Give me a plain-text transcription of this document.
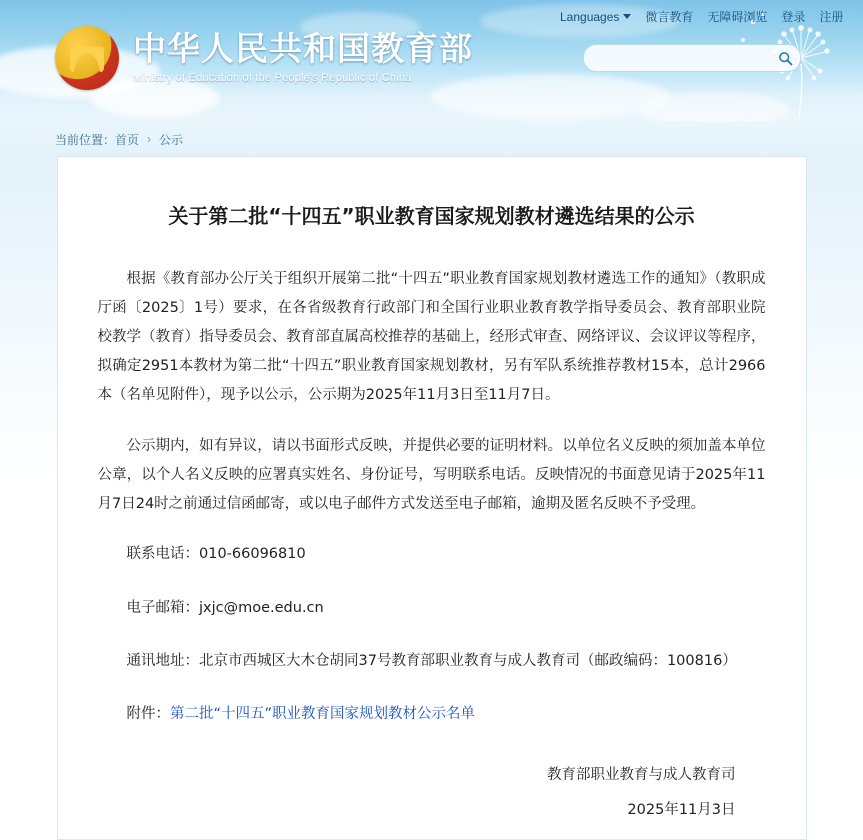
Languages 微言教育 无障碍浏览 登录 注册
中华人民共和国教育部
Ministry of Education of the People's Republic of China
当前位置： 首页 › 公示
关于第二批“十四五”职业教育国家规划教材遴选结果的公示

根据《教育部办公厅关于组织开展第二批“十四五”职业教育国家规划教材遴选工作的通知》（教职成厅函〔2025〕1号）要求，在各省级教育行政部门和全国行业职业教育教学指导委员会、教育部职业院校教学（教育）指导委员会、教育部直属高校推荐的基础上，经形式审查、网络评议、会议评议等程序，拟确定2951本教材为第二批“十四五”职业教育国家规划教材，另有军队系统推荐教材15本，总计2966本（名单见附件），现予以公示，公示期为2025年11月3日至11月7日。

公示期内，如有异议，请以书面形式反映，并提供必要的证明材料。以单位名义反映的须加盖本单位公章，以个人名义反映的应署真实姓名、身份证号，写明联系电话。反映情况的书面意见请于2025年11月7日24时之前通过信函邮寄，或以电子邮件方式发送至电子邮箱，逾期及匿名反映不予受理。

联系电话：010-66096810
电子邮箱：jxjc@moe.edu.cn
通讯地址：北京市西城区大木仓胡同37号教育部职业教育与成人教育司（邮政编码：100816）
附件：第二批“十四五”职业教育国家规划教材公示名单
教育部职业教育与成人教育司
2025年11月3日
